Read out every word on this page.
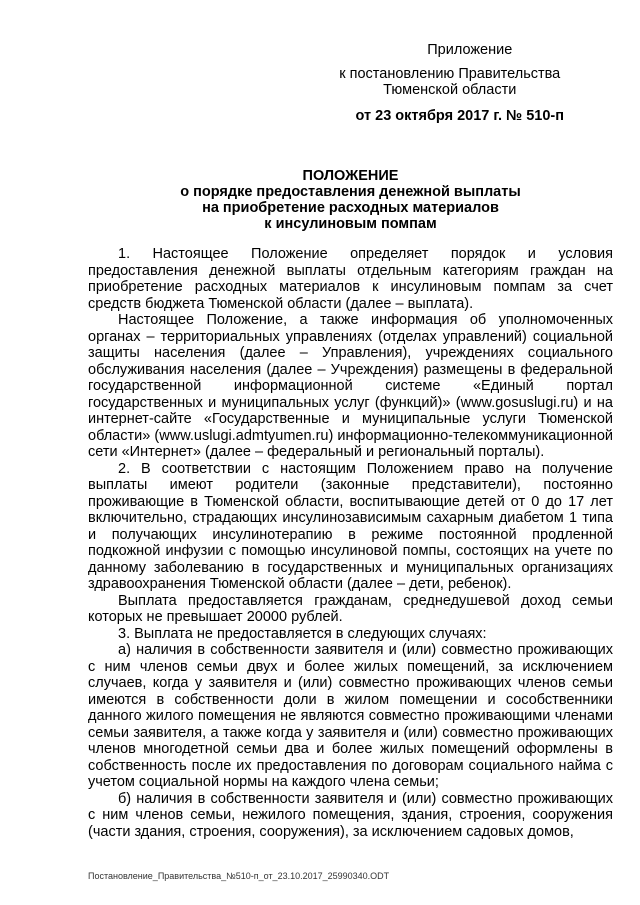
Приложение
к постановлению Правительства
Тюменской области
от 23 октября 2017 г. № 510-п
ПОЛОЖЕНИЕ
о порядке предоставления денежной выплаты
на приобретение расходных материалов
к инсулиновым помпам

1. Настоящее Положение определяет порядок и условия предоставления денежной выплаты отдельным категориям граждан на приобретение расходных материалов к инсулиновым помпам за счет средств бюджета Тюменской области (далее – выплата).

Настоящее Положение, а также информация об уполномоченных органах – территориальных управлениях (отделах управлений) социальной защиты населения (далее – Управления), учреждениях социального обслуживания населения (далее – Учреждения) размещены в федеральной государственной информационной системе «Единый портал государственных и муниципальных услуг (функций)» (www.gosuslugi.ru) и на интернет-сайте «Государственные и муниципальные услуги Тюменской области» (www.uslugi.admtyumen.ru) информационно-телекоммуникационной сети «Интернет» (далее – федеральный и региональный порталы).

2. В соответствии с настоящим Положением право на получение выплаты имеют родители (законные представители), постоянно проживающие в Тюменской области, воспитывающие детей от 0 до 17 лет включительно, страдающих инсулинозависимым сахарным диабетом 1 типа и получающих инсулинотерапию в режиме постоянной продленной подкожной инфузии с помощью инсулиновой помпы, состоящих на учете по данному заболеванию в государственных и муниципальных организациях здравоохранения Тюменской области (далее – дети, ребенок).

Выплата предоставляется гражданам, среднедушевой доход семьи которых не превышает 20000 рублей.

3. Выплата не предоставляется в следующих случаях:

а) наличия в собственности заявителя и (или) совместно проживающих с ним членов семьи двух и более жилых помещений, за исключением случаев, когда у заявителя и (или) совместно проживающих членов семьи имеются в собственности доли в жилом помещении и сособственники данного жилого помещения не являются совместно проживающими членами семьи заявителя, а также когда у заявителя и (или) совместно проживающих членов многодетной семьи два и более жилых помещений оформлены в собственность после их предоставления по договорам социального найма с учетом социальной нормы на каждого члена семьи;

б) наличия в собственности заявителя и (или) совместно проживающих с ним членов семьи, нежилого помещения, здания, строения, сооружения (части здания, строения, сооружения), за исключением садовых домов,

Постановление_Правительства_№510-п_от_23.10.2017_25990340.ODT
